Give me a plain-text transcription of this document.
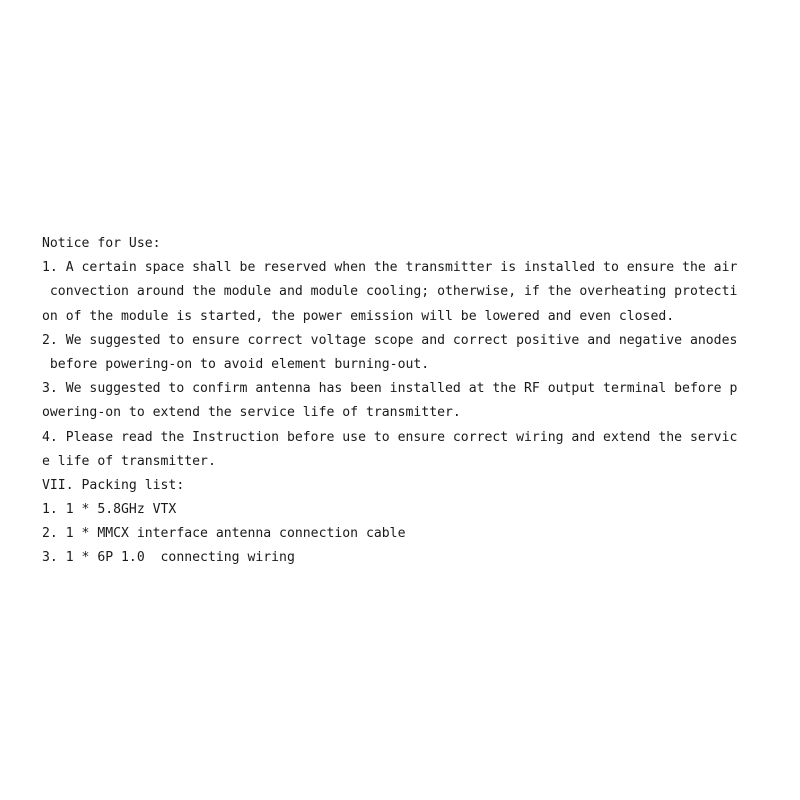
Notice for Use:
1. A certain space shall be reserved when the transmitter is installed to ensure the air
convection around the module and module cooling; otherwise, if the overheating protecti
on of the module is started, the power emission will be lowered and even closed.
2. We suggested to ensure correct voltage scope and correct positive and negative anodes
before powering-on to avoid element burning-out.
3. We suggested to confirm antenna has been installed at the RF output terminal before p
owering-on to extend the service life of transmitter.
4. Please read the Instruction before use to ensure correct wiring and extend the servic
e life of transmitter.
VII. Packing list:
1. 1 * 5.8GHz VTX
2. 1 * MMCX interface antenna connection cable
3. 1 * 6P 1.0  connecting wiring
